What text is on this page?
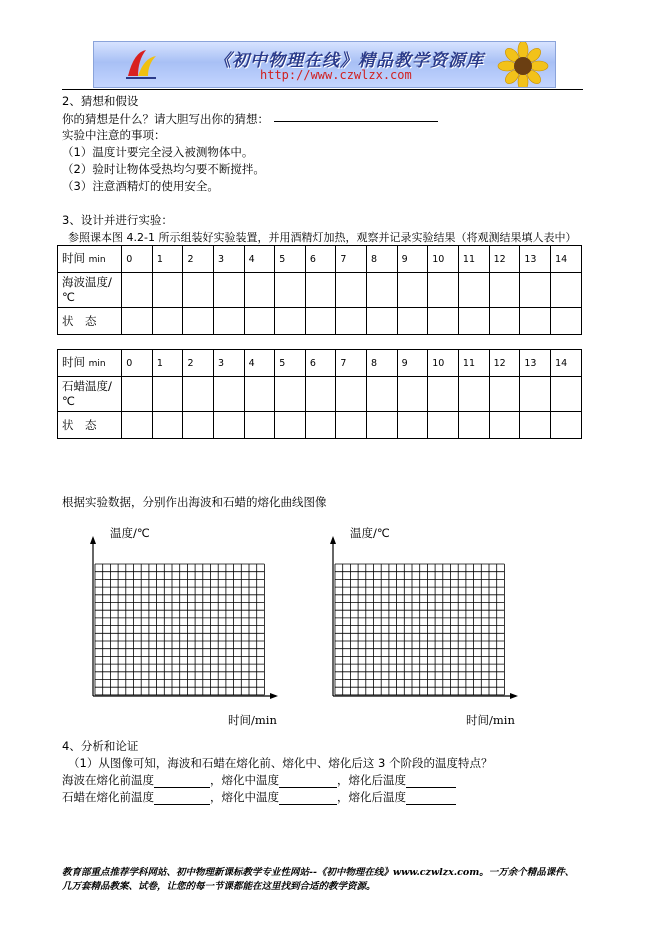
《初中物理在线》精品教学资源库
http://www.czwlzx.com
2、猜想和假设
你的猜想是什么？请大胆写出你的猜想：
实验中注意的事项：
（1）温度计要完全浸入被测物体中。
（2）验时让物体受热均匀要不断搅拌。
（3）注意酒精灯的使用安全。
3、设计并进行实验：
参照课本图 4.2-1 所示组装好实验装置，并用酒精灯加热，观察并记录实验结果（将观测结果填人表中）
时间 min	0	1	2	3	4	5	6	7	8	9	10	11	12	13	14
海波温度/
℃															
状　态															
时间 min	0	1	2	3	4	5	6	7	8	9	10	11	12	13	14
石蜡温度/
℃															
状　态															
根据实验数据，分别作出海波和石蜡的熔化曲线图像
温度/℃
时间/min
温度/℃
时间/min
4、分析和论证
（1）从图像可知，海波和石蜡在熔化前、熔化中、熔化后这 3 个阶段的温度特点？
海波在熔化前温度	，熔化中温度	，熔化后温度
石蜡在熔化前温度	，熔化中温度	，熔化后温度
教育部重点推荐学科网站、初中物理新课标教学专业性网站--《初中物理在线》www.czwlzx.com。一万余个精品课件、
几万套精品教案、试卷，让您的每一节课都能在这里找到合适的教学资源。
